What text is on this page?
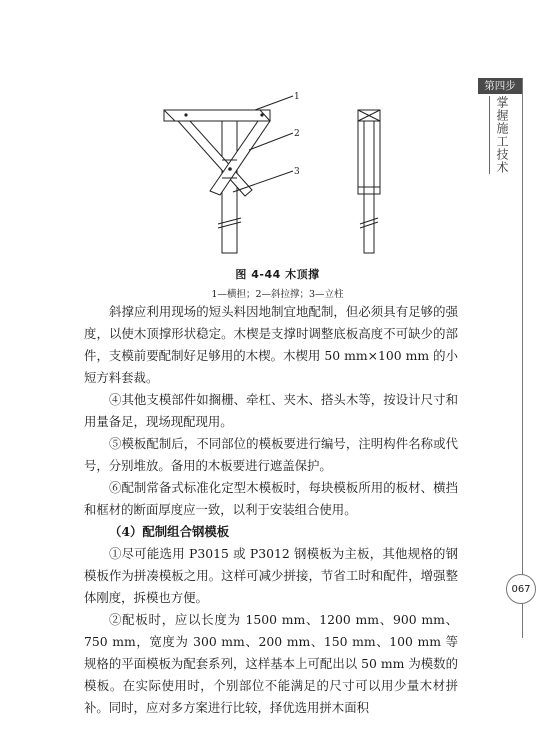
1
2
3
图 4-44 木顶撑
1—横担；2—斜拉撑；3—立柱

斜撑应利用现场的短头料因地制宜地配制，但必须具有足够的强度，以使木顶撑形状稳定。木楔是支撑时调整底板高度不可缺少的部件，支模前要配制好足够用的木楔。木楔用 50 mm×100 mm 的小短方料套裁。

④其他支模部件如搁栅、牵杠、夹木、搭头木等，按设计尺寸和用量备足，现场现配现用。

⑤模板配制后，不同部位的模板要进行编号，注明构件名称或代号，分别堆放。备用的木板要进行遮盖保护。

⑥配制常备式标准化定型木模板时，每块模板所用的板材、横挡和框材的断面厚度应一致，以利于安装组合使用。

（4）配制组合钢模板

①尽可能选用 P3015 或 P3012 钢模板为主板，其他规格的钢模板作为拼凑模板之用。这样可减少拼接，节省工时和配件，增强整体刚度，拆模也方便。

②配板时，应以长度为 1500 mm、1200 mm、900 mm、750 mm，宽度为 300 mm、200 mm、150 mm、100 mm 等规格的平面模板为配套系列，这样基本上可配出以 50 mm 为模数的模板。在实际使用时，个别部位不能满足的尺寸可以用少量木材拼补。同时，应对多方案进行比较，择优选用拼木面积

第四步
掌握施工技术
067
